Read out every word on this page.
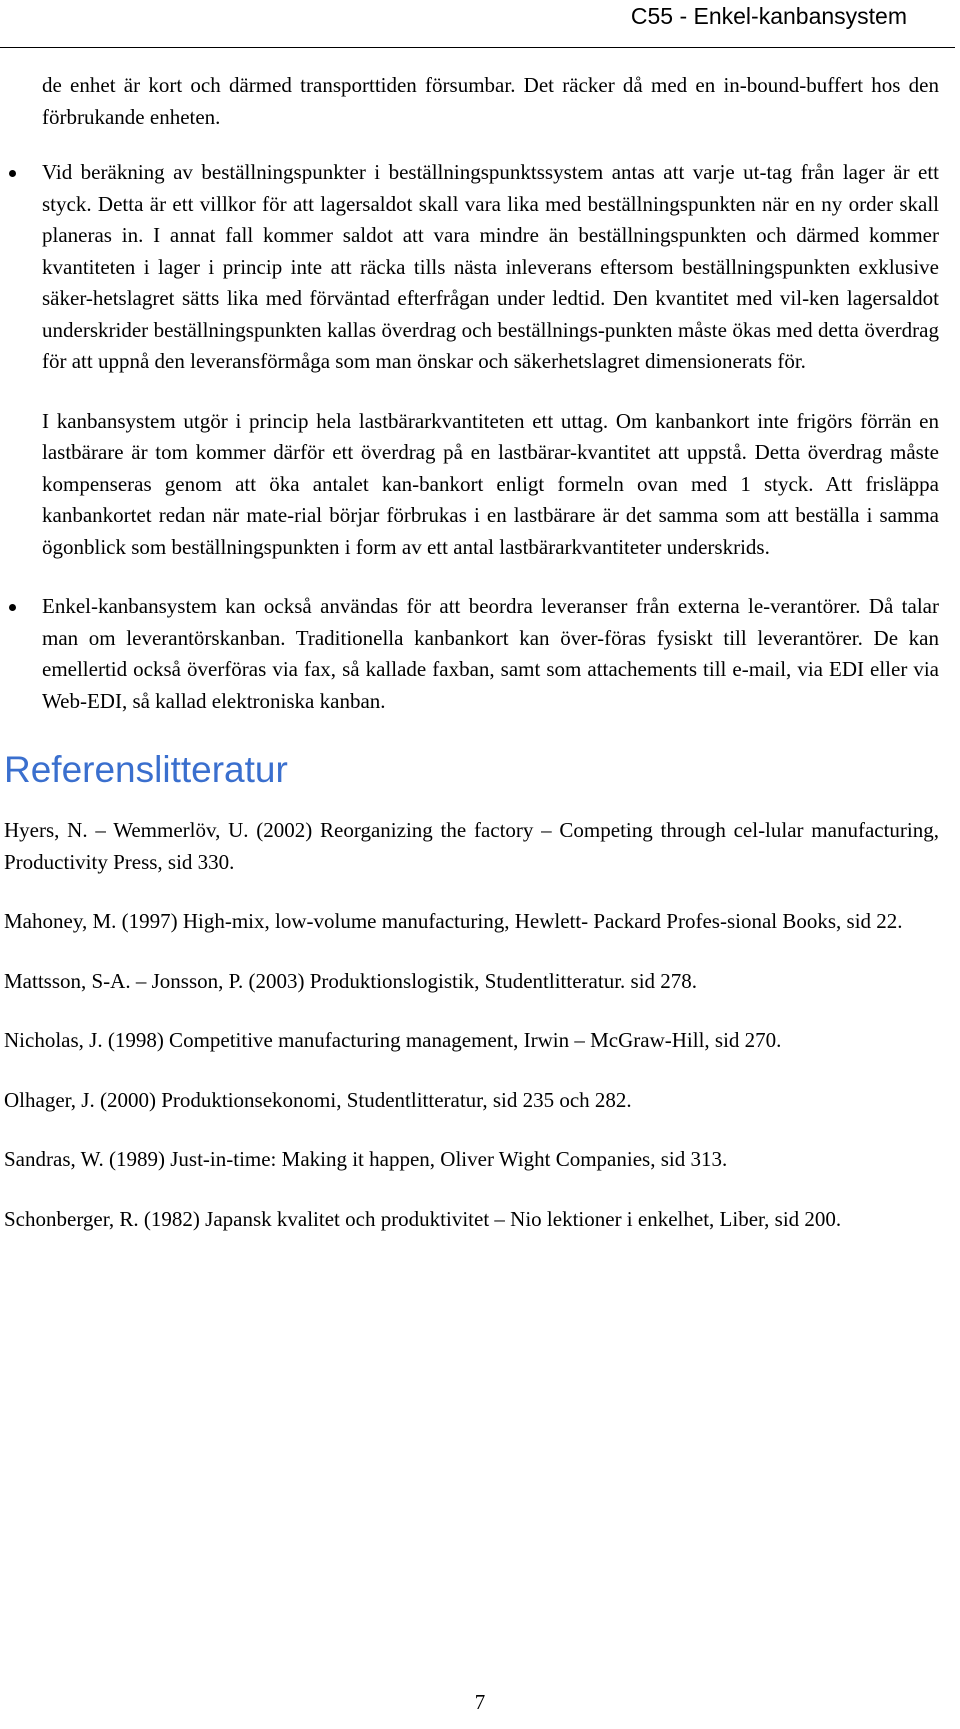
C55 - Enkel-kanbansystem

de enhet är kort och därmed transporttiden försumbar. Det räcker då med en in-bound-buffert hos den förbrukande enheten.

Vid beräkning av beställningspunkter i beställningspunktssystem antas att varje ut-tag från lager är ett styck. Detta är ett villkor för att lagersaldot skall vara lika med beställningspunkten när en ny order skall planeras in. I annat fall kommer saldot att vara mindre än beställningspunkten och därmed kommer kvantiteten i lager i princip inte att räcka tills nästa inleverans eftersom beställningspunkten exklusive säker-hetslagret sätts lika med förväntad efterfrågan under ledtid. Den kvantitet med vil-ken lagersaldot underskrider beställningspunkten kallas överdrag och beställnings-punkten måste ökas med detta överdrag för att uppnå den leveransförmåga som man önskar och säkerhetslagret dimensionerats för.

I kanbansystem utgör i princip hela lastbärarkvantiteten ett uttag. Om kanbankort inte frigörs förrän en lastbärare är tom kommer därför ett överdrag på en lastbärar-kvantitet att uppstå. Detta överdrag måste kompenseras genom att öka antalet kan-bankort enligt formeln ovan med 1 styck. Att frisläppa kanbankortet redan när mate-rial börjar förbrukas i en lastbärare är det samma som att beställa i samma ögonblick som beställningspunkten i form av ett antal lastbärarkvantiteter underskrids.

Enkel-kanbansystem kan också användas för att beordra leveranser från externa le-verantörer. Då talar man om leverantörskanban. Traditionella kanbankort kan över-föras fysiskt till leverantörer. De kan emellertid också överföras via fax, så kallade faxban, samt som attachements till e-mail, via EDI eller via Web-EDI, så kallad elektroniska kanban.

Referenslitteratur

Hyers, N. – Wemmerlöv, U. (2002) Reorganizing the factory – Competing through cel-lular manufacturing, Productivity Press, sid 330.

Mahoney, M. (1997) High-mix, low-volume manufacturing, Hewlett- Packard Profes-sional Books, sid 22.

Mattsson, S-A. – Jonsson, P. (2003) Produktionslogistik, Studentlitteratur. sid 278.

Nicholas, J. (1998) Competitive manufacturing management, Irwin – McGraw-Hill, sid 270.

Olhager, J. (2000) Produktionsekonomi, Studentlitteratur, sid 235 och 282.

Sandras, W. (1989) Just-in-time: Making it happen, Oliver Wight Companies, sid 313.

Schonberger, R. (1982) Japansk kvalitet och produktivitet – Nio lektioner i enkelhet, Liber, sid 200.

7
